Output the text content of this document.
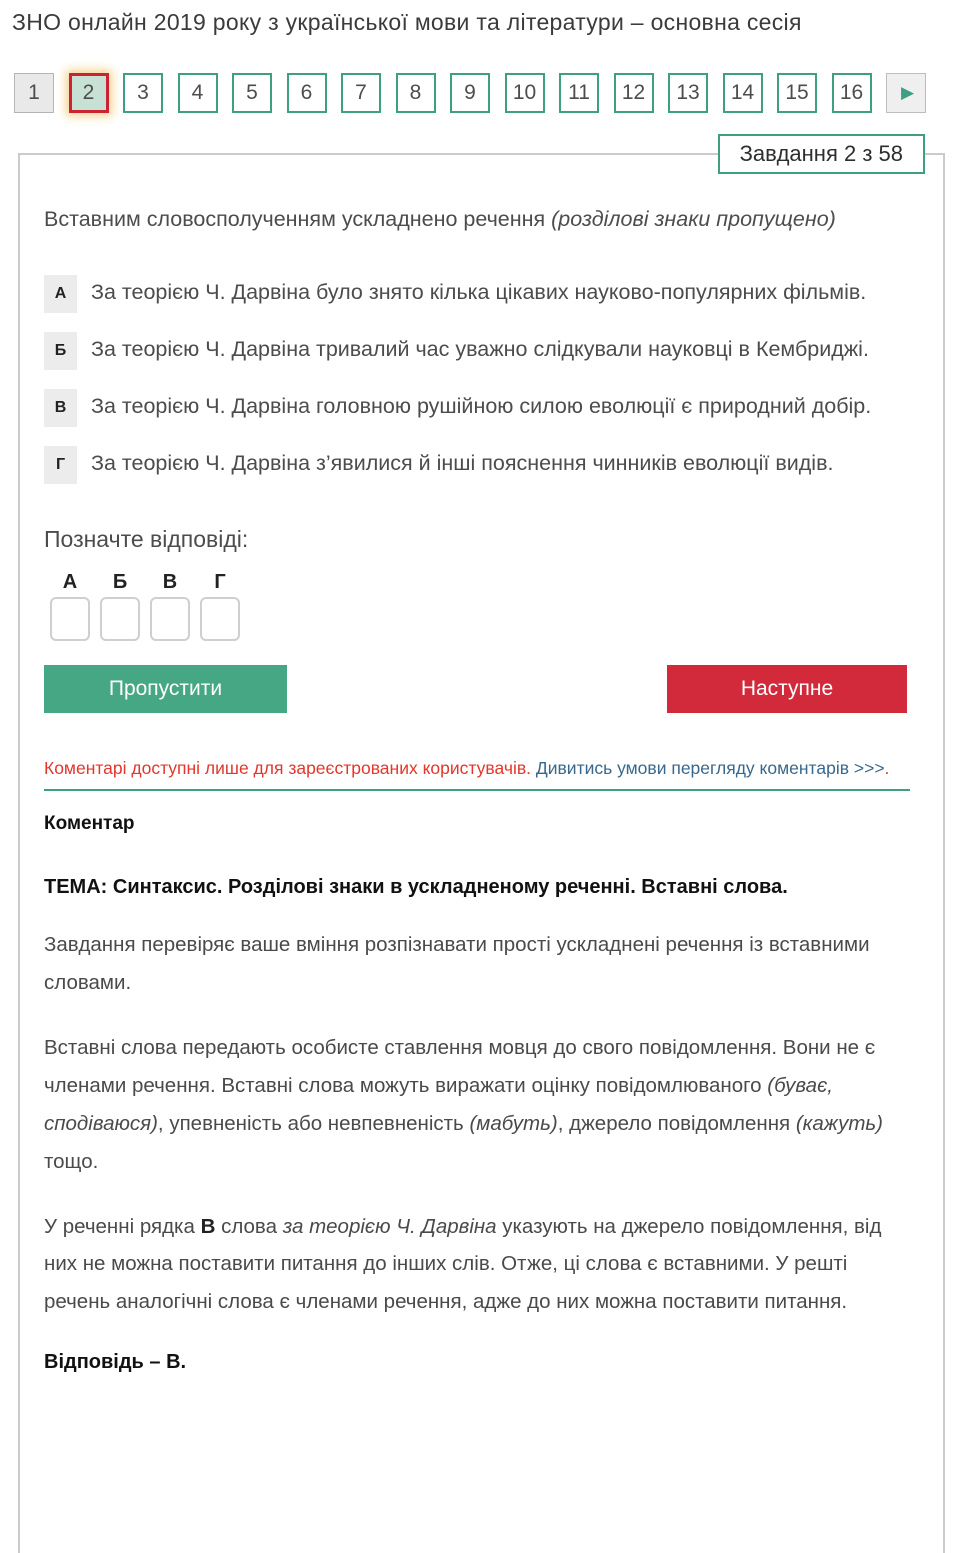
ЗНО онлайн 2019 року з української мови та літератури – основна сесія
1	2	3	4	5	6	7	8	9	10	11	12	13	14	15	16	▶
Завдання 2 з 58

Вставним словосполученням ускладнено речення (розділові знаки пропущено)

А	За теорією Ч. Дарвіна було знято кілька цікавих науково-популярних фільмів.
Б	За теорією Ч. Дарвіна тривалий час уважно слідкували науковці в Кембриджі.
В	За теорією Ч. Дарвіна головною рушійною силою еволюції є природний добір.
Г	За теорією Ч. Дарвіна з’явилися й інші пояснення чинників еволюції видів.

Позначте відповіді:

А	Б	В	Г
Пропустити	Наступне

Коментарі доступні лише для зареєстрованих користувачів. Дивитись умови перегляду коментарів >>>.

Коментар

ТЕМА: Синтаксис. Розділові знаки в ускладненому реченні. Вставні слова.

Завдання перевіряє ваше вміння розпізнавати прості ускладнені речення із вставними словами.

Вставні слова передають особисте ставлення мовця до свого повідомлення. Вони не є членами речення. Вставні слова можуть виражати оцінку повідомлюваного (буває, сподіваюся), упевненість або невпевненість (мабуть), джерело повідомлення (кажуть) тощо.

У реченні рядка В слова за теорією Ч. Дарвіна указують на джерело повідомлення, від них не можна поставити питання до інших слів. Отже, ці слова є вставними. У решті речень аналогічні слова є членами речення, адже до них можна поставити питання.

Відповідь – В.
